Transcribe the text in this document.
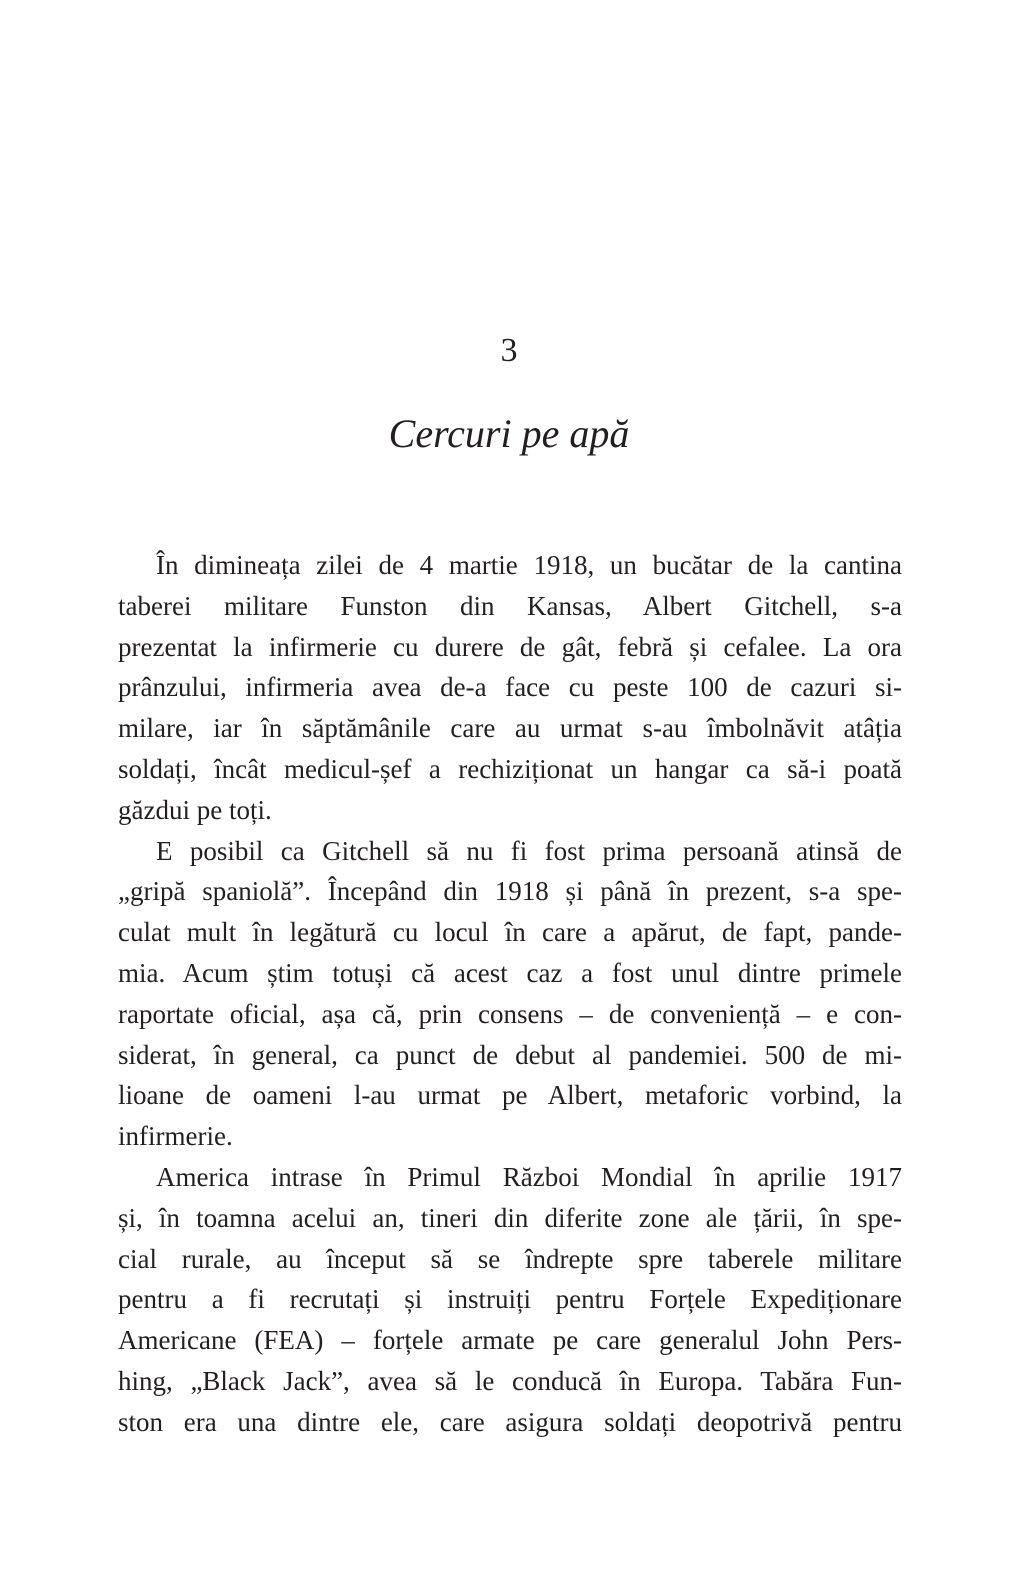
3
Cercuri pe apă
În dimineața zilei de 4 martie 1918, un bucătar de la cantina
taberei militare Funston din Kansas, Albert Gitchell, s-a
prezentat la infirmerie cu durere de gât, febră și cefalee. La ora
prânzului, infirmeria avea de-a face cu peste 100 de cazuri si-
milare, iar în săptămânile care au urmat s-au îmbolnăvit atâția
soldați, încât medicul-șef a rechiziționat un hangar ca să-i poată
găzdui pe toți.
E posibil ca Gitchell să nu fi fost prima persoană atinsă de
„gripă spaniolă”. Începând din 1918 și până în prezent, s-a spe-
culat mult în legătură cu locul în care a apărut, de fapt, pande-
mia. Acum știm totuși că acest caz a fost unul dintre primele
raportate oficial, așa că, prin consens – de conveniență – e con-
siderat, în general, ca punct de debut al pandemiei. 500 de mi-
lioane de oameni l-au urmat pe Albert, metaforic vorbind, la
infirmerie.
America intrase în Primul Război Mondial în aprilie 1917
și, în toamna acelui an, tineri din diferite zone ale țării, în spe-
cial rurale, au început să se îndrepte spre taberele militare
pentru a fi recrutați și instruiți pentru Forțele Expediționare
Americane (FEA) – forțele armate pe care generalul John Pers-
hing, „Black Jack”, avea să le conducă în Europa. Tabăra Fun-
ston era una dintre ele, care asigura soldați deopotrivă pentru
